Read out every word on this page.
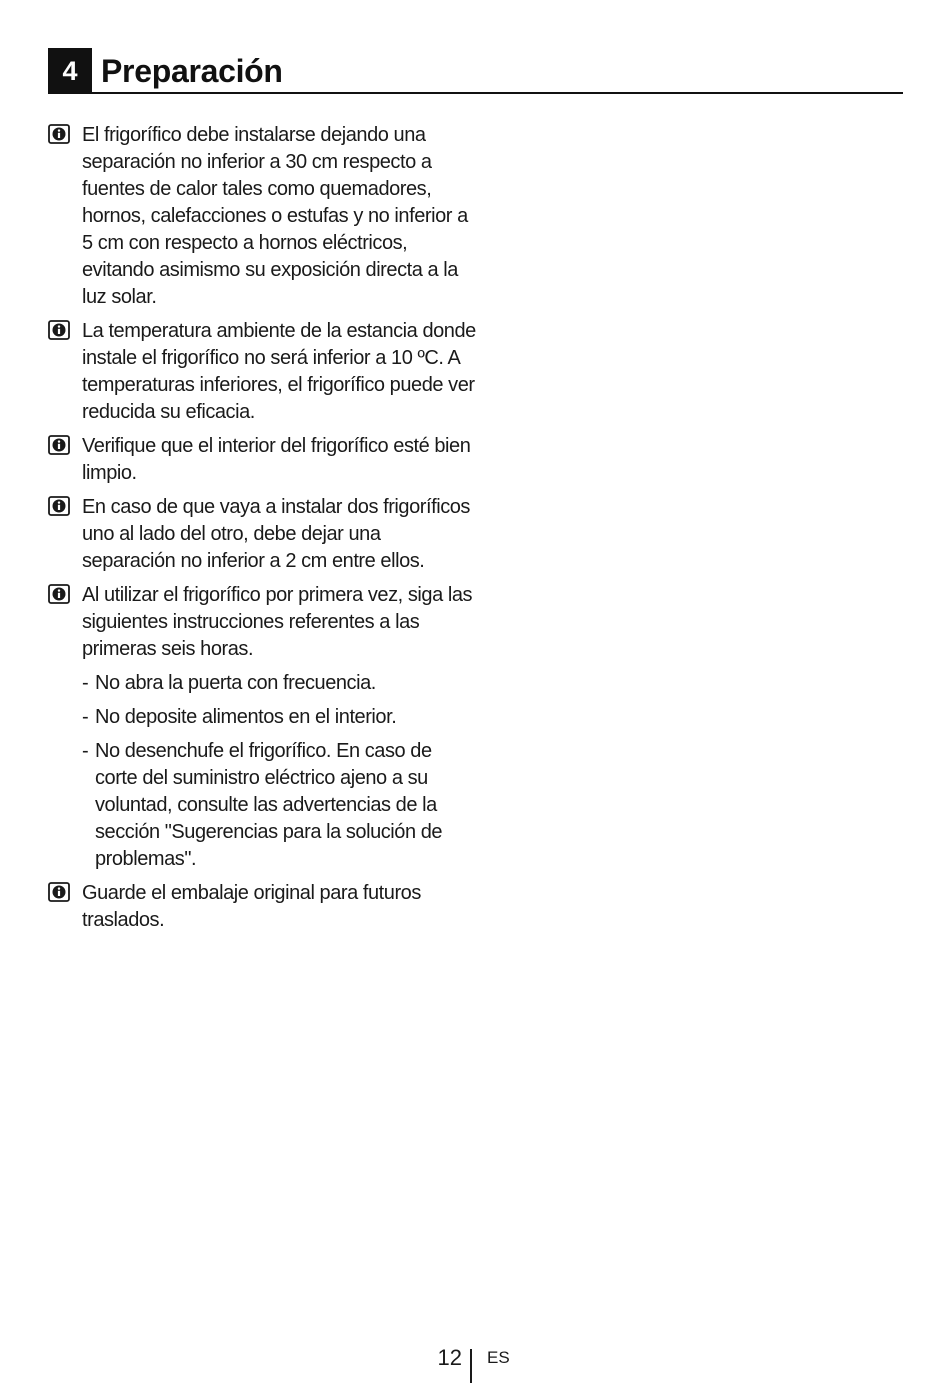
4 Preparación
El frigorífico debe instalarse dejando una separación no inferior a 30 cm respecto a fuentes de calor tales como quemadores, hornos, calefacciones o estufas y no inferior a 5 cm con respecto a hornos eléctricos, evitando asimismo su exposición directa a la luz solar.
La temperatura ambiente de la estancia donde instale el frigorífico no será inferior a 10 ºC. A temperaturas inferiores, el frigorífico puede ver reducida su eficacia.
Verifique que el interior del frigorífico esté bien limpio.
En caso de que vaya a instalar dos frigoríficos uno al lado del otro, debe dejar una separación no inferior a 2 cm entre ellos.
Al utilizar el frigorífico por primera vez, siga las siguientes instrucciones referentes a las primeras seis horas.
- No abra la puerta con frecuencia.
- No deposite alimentos en el interior.
- No desenchufe el frigorífico. En caso de corte del suministro eléctrico ajeno a su voluntad, consulte las advertencias de la sección "Sugerencias para la solución de problemas".
Guarde el embalaje original para futuros traslados.
12 ES
